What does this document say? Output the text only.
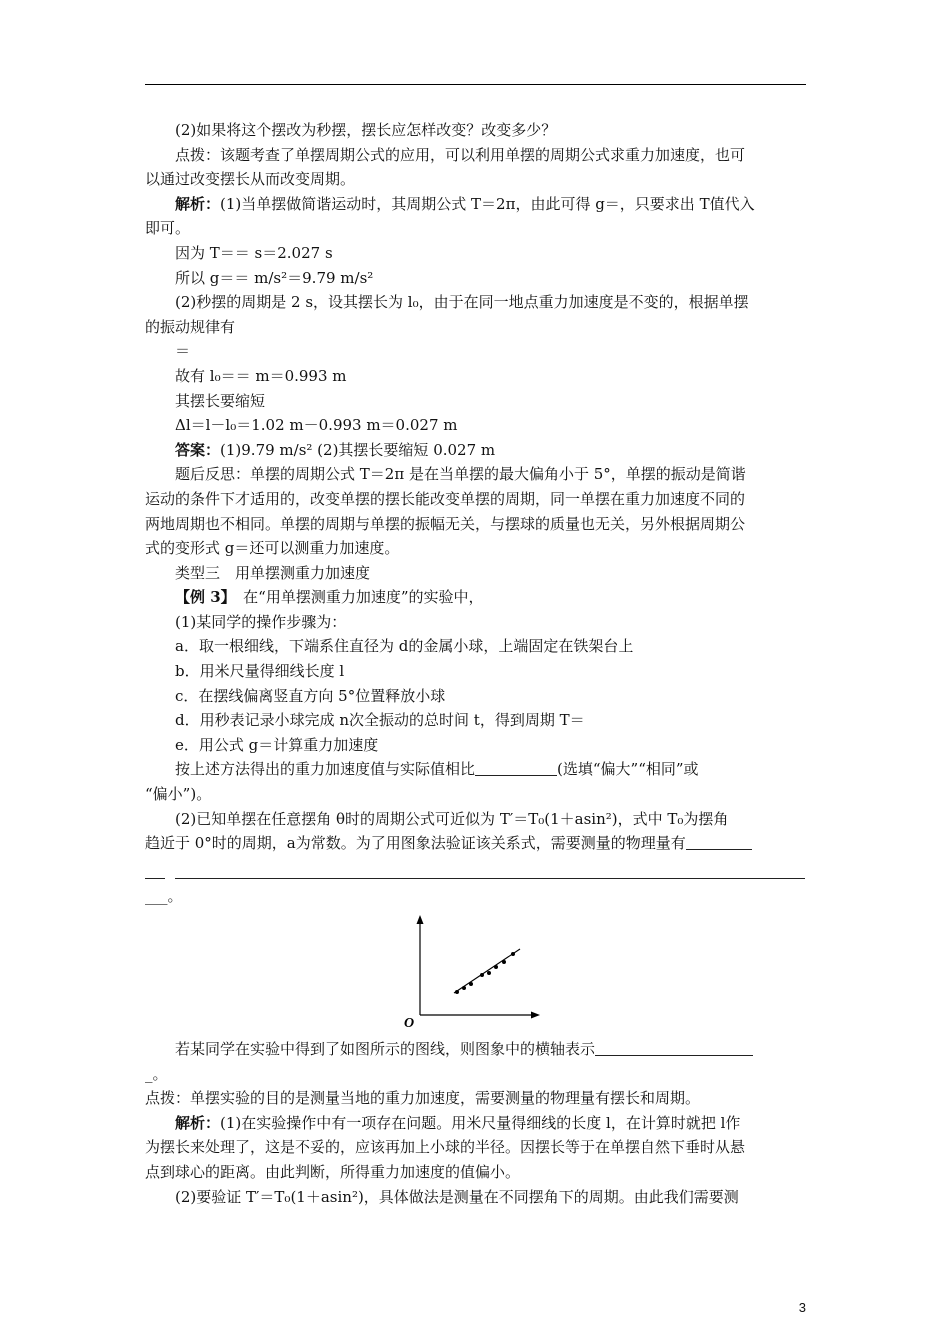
(2)如果将这个摆改为秒摆，摆长应怎样改变？改变多少？

点拨：该题考查了单摆周期公式的应用，可以利用单摆的周期公式求重力加速度，也可

以通过改变摆长从而改变周期。

解析：(1)当单摆做简谐运动时，其周期公式 T＝2π，由此可得 g＝，只要求出 T值代入

即可。

因为 T＝＝ s＝2.027 s

所以 g＝＝ m/s²＝9.79 m/s²

(2)秒摆的周期是 2 s，设其摆长为 l₀，由于在同一地点重力加速度是不变的，根据单摆

的振动规律有

＝

故有 l₀＝＝ m＝0.993 m

其摆长要缩短

Δl＝l－l₀＝1.02 m－0.993 m＝0.027 m

答案：(1)9.79 m/s² (2)其摆长要缩短 0.027 m

题后反思：单摆的周期公式 T＝2π 是在当单摆的最大偏角小于 5°，单摆的振动是简谐

运动的条件下才适用的，改变单摆的摆长能改变单摆的周期，同一单摆在重力加速度不同的

两地周期也不相同。单摆的周期与单摆的振幅无关，与摆球的质量也无关，另外根据周期公

式的变形式 g＝还可以测重力加速度。

类型三　用单摆测重力加速度

【例 3】　在“用单摆测重力加速度”的实验中，

(1)某同学的操作步骤为：

a．取一根细线，下端系住直径为 d的金属小球，上端固定在铁架台上

b．用米尺量得细线长度 l

c．在摆线偏离竖直方向 5°位置释放小球

d．用秒表记录小球完成 n次全振动的总时间 t，得到周期 T＝

e．用公式 g＝计算重力加速度

按上述方法得出的重力加速度值与实际值相比	(选填“偏大”“相同”或

“偏小”)。

(2)已知单摆在任意摆角 θ时的周期公式可近似为 T′＝T₀(1＋asin²)，式中 T₀为摆角

趋近于 0°时的周期，a为常数。为了用图象法验证该关系式，需要测量的物理量有

___。

O

若某同学在实验中得到了如图所示的图线，则图象中的横轴表示

_。

点拨：单摆实验的目的是测量当地的重力加速度，需要测量的物理量有摆长和周期。

解析：(1)在实验操作中有一项存在问题。用米尺量得细线的长度 l，在计算时就把 l作

为摆长来处理了，这是不妥的，应该再加上小球的半径。因摆长等于在单摆自然下垂时从悬

点到球心的距离。由此判断，所得重力加速度的值偏小。

(2)要验证 T′＝T₀(1＋asin²)，具体做法是测量在不同摆角下的周期。由此我们需要测

3
